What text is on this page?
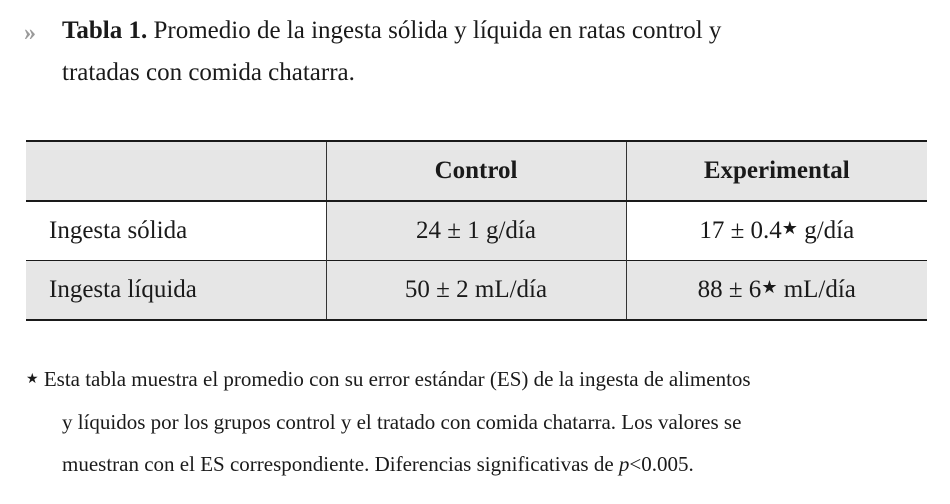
» Tabla 1. Promedio de la ingesta sólida y líquida en ratas control y
tratadas con comida chatarra.
	Control	Experimental
Ingesta sólida	24 ± 1 g/día	17 ± 0.4★ g/día
Ingesta líquida	50 ± 2 mL/día	88 ± 6★ mL/día
★ Esta tabla muestra el promedio con su error estándar (ES) de la ingesta de alimentos
y líquidos por los grupos control y el tratado con comida chatarra. Los valores se
muestran con el ES correspondiente. Diferencias significativas de p<0.005.
